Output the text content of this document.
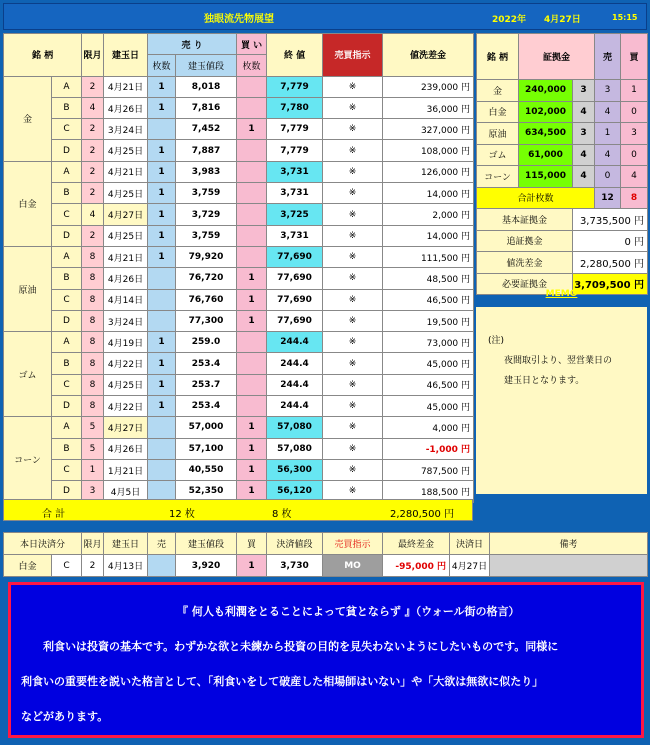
独眼流先物展望	2022年 4月27日	15:15
銘 柄		限月	建玉日	売 り		買 い	終 値	売買指示	値洗差金
				枚数	建玉値段	枚数			
金	A	2	4月21日	1	8,018		7,779	※	239,000 円
	B	4	4月26日	1	7,816		7,780	※	36,000 円
	C	2	3月24日		7,452	1	7,779	※	327,000 円
	D	2	4月25日	1	7,887		7,779	※	108,000 円
白金	A	2	4月21日	1	3,983		3,731	※	126,000 円
	B	2	4月25日	1	3,759		3,731	※	14,000 円
	C	4	4月27日	1	3,729		3,725	※	2,000 円
	D	2	4月25日	1	3,759		3,731	※	14,000 円
原油	A	8	4月21日	1	79,920		77,690	※	111,500 円
	B	8	4月26日		76,720	1	77,690	※	48,500 円
	C	8	4月14日		76,760	1	77,690	※	46,500 円
	D	8	3月24日		77,300	1	77,690	※	19,500 円
ゴム	A	8	4月19日	1	259.0		244.4	※	73,000 円
	B	8	4月22日	1	253.4		244.4	※	45,000 円
	C	8	4月25日	1	253.7		244.4	※	46,500 円
	D	8	4月22日	1	253.4		244.4	※	45,000 円
コーン	A	5	4月27日		57,000	1	57,080	※	4,000 円
	B	5	4月26日		57,100	1	57,080	※	-1,000 円
	C	1	1月21日		40,550	1	56,300	※	787,500 円
	D	3	4月5日		52,350	1	56,120	※	188,500 円
合 計	12 枚	8 枚	2,280,500 円
銘 柄	証拠金		売	買
金	240,000	3	3	1
白金	102,000	4	4	0
原油	634,500	3	1	3
ゴム	61,000	4	4	0
コーン	115,000	4	0	4
合計枚数			12	8
基本証拠金		3,735,500 円		
追証拠金		0 円		
値洗差金		2,280,500 円		
必要証拠金		3,709,500 円		
MEMO
(注)
夜間取引より、翌営業日の
建玉日となります。
本日決済分		限月	建玉日	売	建玉値段	買	決済値段	売買指示	最終差金	決済日	備考
白金	C	2	4月13日		3,920	1	3,730	MO	-95,000 円	4月27日	

『 何人も利潤をとることによって貧とならず 』（ウォール街の格言）

利食いは投資の基本です。わずかな欲と未練から投資の目的を見失わないようにしたいものです。同様に

利食いの重要性を説いた格言として、「利食いをして破産した相場師はいない」や「大欲は無欲に似たり」

などがあります。
